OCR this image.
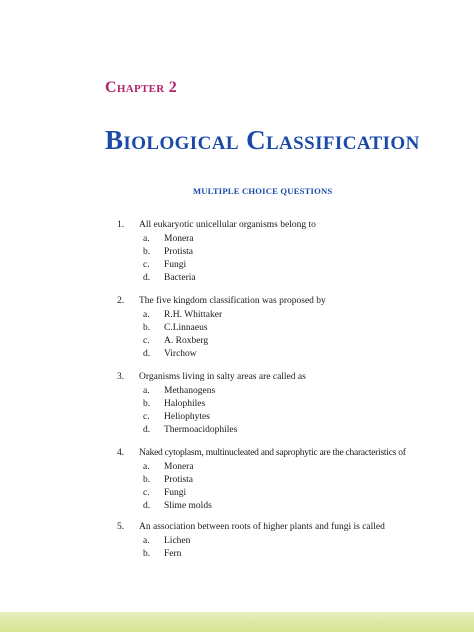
Chapter 2
Biological Classification
MULTIPLE CHOICE QUESTIONS
1. All eukaryotic unicellular organisms belong to
a. Monera
b. Protista
c. Fungi
d. Bacteria
2. The five kingdom classification was proposed by
a. R.H. Whittaker
b. C.Linnaeus
c. A. Roxberg
d. Virchow
3. Organisms living in salty areas are called as
a. Methanogens
b. Halophiles
c. Heliophytes
d. Thermoacidophiles
4. Naked cytoplasm, multinucleated and saprophytic are the characteristics of
a. Monera
b. Protista
c. Fungi
d. Slime molds
5. An association between roots of higher plants and fungi is called
a. Lichen
b. Fern
